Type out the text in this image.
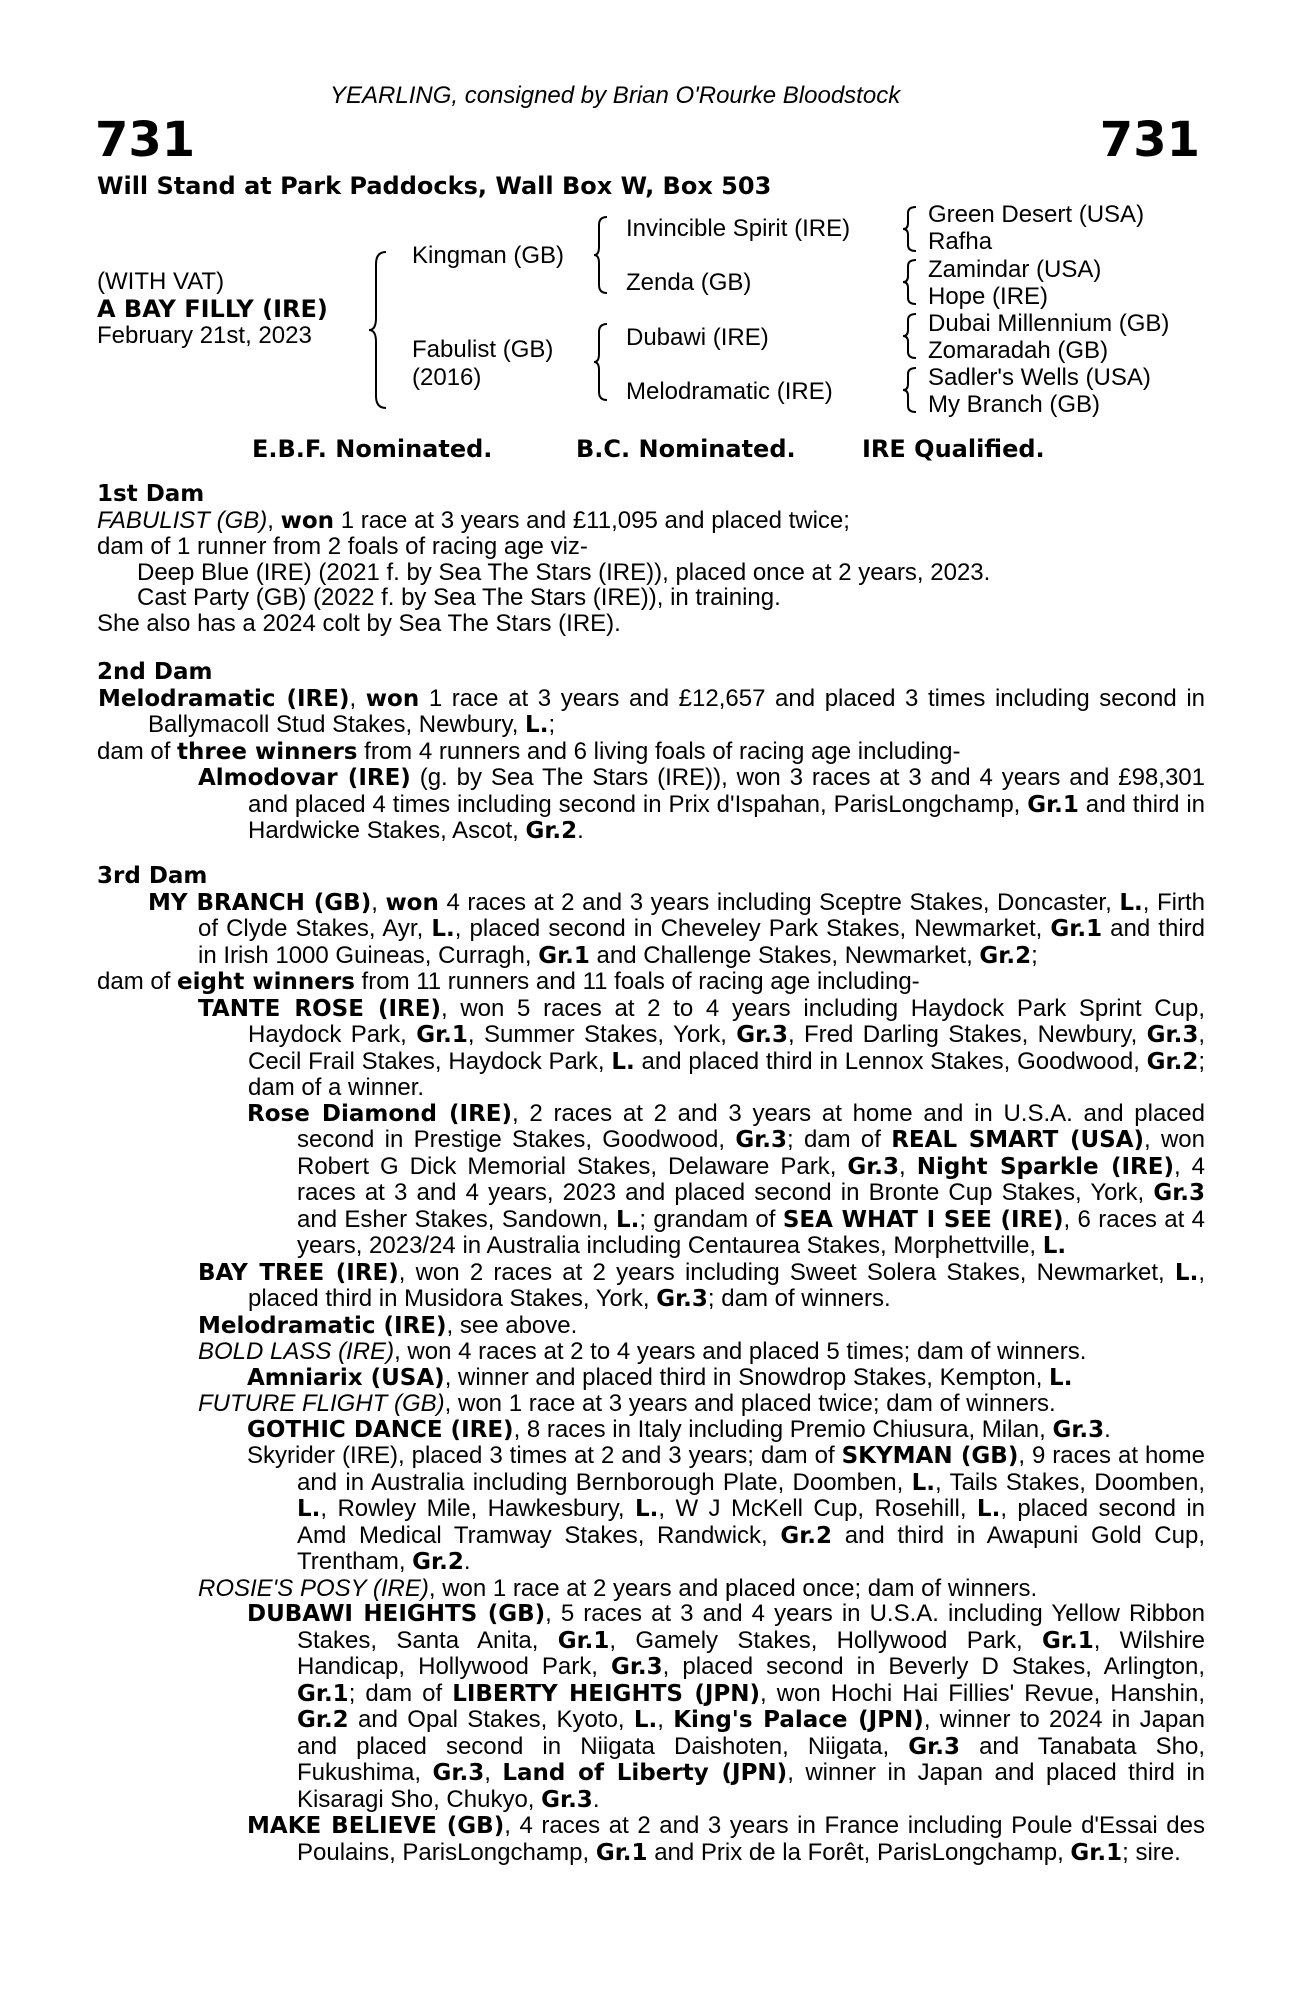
731	731
YEARLING, consigned by Brian O'Rourke Bloodstock
Will Stand at Park Paddocks, Wall Box W, Box 503
(WITH VAT)
A BAY FILLY (IRE)
February 21st, 2023
Kingman (GB)
Fabulist (GB)
(2016)
Invincible Spirit (IRE)
Zenda (GB)
Dubawi (IRE)
Melodramatic (IRE)
Green Desert (USA)
Rafha
Zamindar (USA)
Hope (IRE)
Dubai Millennium (GB)
Zomaradah (GB)
Sadler's Wells (USA)
My Branch (GB)
E.B.F. Nominated.	B.C. Nominated.	IRE Qualified.

1st Dam

FABULIST (GB), won 1 race at 3 years and £11,095 and placed twice;

dam of 1 runner from 2 foals of racing age viz-

Deep Blue (IRE) (2021 f. by Sea The Stars (IRE)), placed once at 2 years, 2023.

Cast Party (GB) (2022 f. by Sea The Stars (IRE)), in training.

She also has a 2024 colt by Sea The Stars (IRE).

2nd Dam

Melodramatic (IRE), won 1 race at 3 years and £12,657 and placed 3 times including second in Ballymacoll Stud Stakes, Newbury, L.;

dam of three winners from 4 runners and 6 living foals of racing age including-

Almodovar (IRE) (g. by Sea The Stars (IRE)), won 3 races at 3 and 4 years and £98,301 and placed 4 times including second in Prix d'Ispahan, ParisLongchamp, Gr.1 and third in Hardwicke Stakes, Ascot, Gr.2.

3rd Dam

MY BRANCH (GB), won 4 races at 2 and 3 years including Sceptre Stakes, Doncaster, L., Firth of Clyde Stakes, Ayr, L., placed second in Cheveley Park Stakes, Newmarket, Gr.1 and third in Irish 1000 Guineas, Curragh, Gr.1 and Challenge Stakes, Newmarket, Gr.2;

dam of eight winners from 11 runners and 11 foals of racing age including-

TANTE ROSE (IRE), won 5 races at 2 to 4 years including Haydock Park Sprint Cup, Haydock Park, Gr.1, Summer Stakes, York, Gr.3, Fred Darling Stakes, Newbury, Gr.3, Cecil Frail Stakes, Haydock Park, L. and placed third in Lennox Stakes, Goodwood, Gr.2; dam of a winner.

Rose Diamond (IRE), 2 races at 2 and 3 years at home and in U.S.A. and placed second in Prestige Stakes, Goodwood, Gr.3; dam of REAL SMART (USA), won Robert G Dick Memorial Stakes, Delaware Park, Gr.3, Night Sparkle (IRE), 4 races at 3 and 4 years, 2023 and placed second in Bronte Cup Stakes, York, Gr.3 and Esher Stakes, Sandown, L.; grandam of SEA WHAT I SEE (IRE), 6 races at 4 years, 2023/24 in Australia including Centaurea Stakes, Morphettville, L.

BAY TREE (IRE), won 2 races at 2 years including Sweet Solera Stakes, Newmarket, L., placed third in Musidora Stakes, York, Gr.3; dam of winners.

Melodramatic (IRE), see above.

BOLD LASS (IRE), won 4 races at 2 to 4 years and placed 5 times; dam of winners.

Amniarix (USA), winner and placed third in Snowdrop Stakes, Kempton, L.

FUTURE FLIGHT (GB), won 1 race at 3 years and placed twice; dam of winners.

GOTHIC DANCE (IRE), 8 races in Italy including Premio Chiusura, Milan, Gr.3.

Skyrider (IRE), placed 3 times at 2 and 3 years; dam of SKYMAN (GB), 9 races at home and in Australia including Bernborough Plate, Doomben, L., Tails Stakes, Doomben, L., Rowley Mile, Hawkesbury, L., W J McKell Cup, Rosehill, L., placed second in Amd Medical Tramway Stakes, Randwick, Gr.2 and third in Awapuni Gold Cup, Trentham, Gr.2.

ROSIE'S POSY (IRE), won 1 race at 2 years and placed once; dam of winners.

DUBAWI HEIGHTS (GB), 5 races at 3 and 4 years in U.S.A. including Yellow Ribbon Stakes, Santa Anita, Gr.1, Gamely Stakes, Hollywood Park, Gr.1, Wilshire Handicap, Hollywood Park, Gr.3, placed second in Beverly D Stakes, Arlington, Gr.1; dam of LIBERTY HEIGHTS (JPN), won Hochi Hai Fillies' Revue, Hanshin, Gr.2 and Opal Stakes, Kyoto, L., King's Palace (JPN), winner to 2024 in Japan and placed second in Niigata Daishoten, Niigata, Gr.3 and Tanabata Sho, Fukushima, Gr.3, Land of Liberty (JPN), winner in Japan and placed third in Kisaragi Sho, Chukyo, Gr.3.

MAKE BELIEVE (GB), 4 races at 2 and 3 years in France including Poule d'Essai des Poulains, ParisLongchamp, Gr.1 and Prix de la Forêt, ParisLongchamp, Gr.1; sire.
